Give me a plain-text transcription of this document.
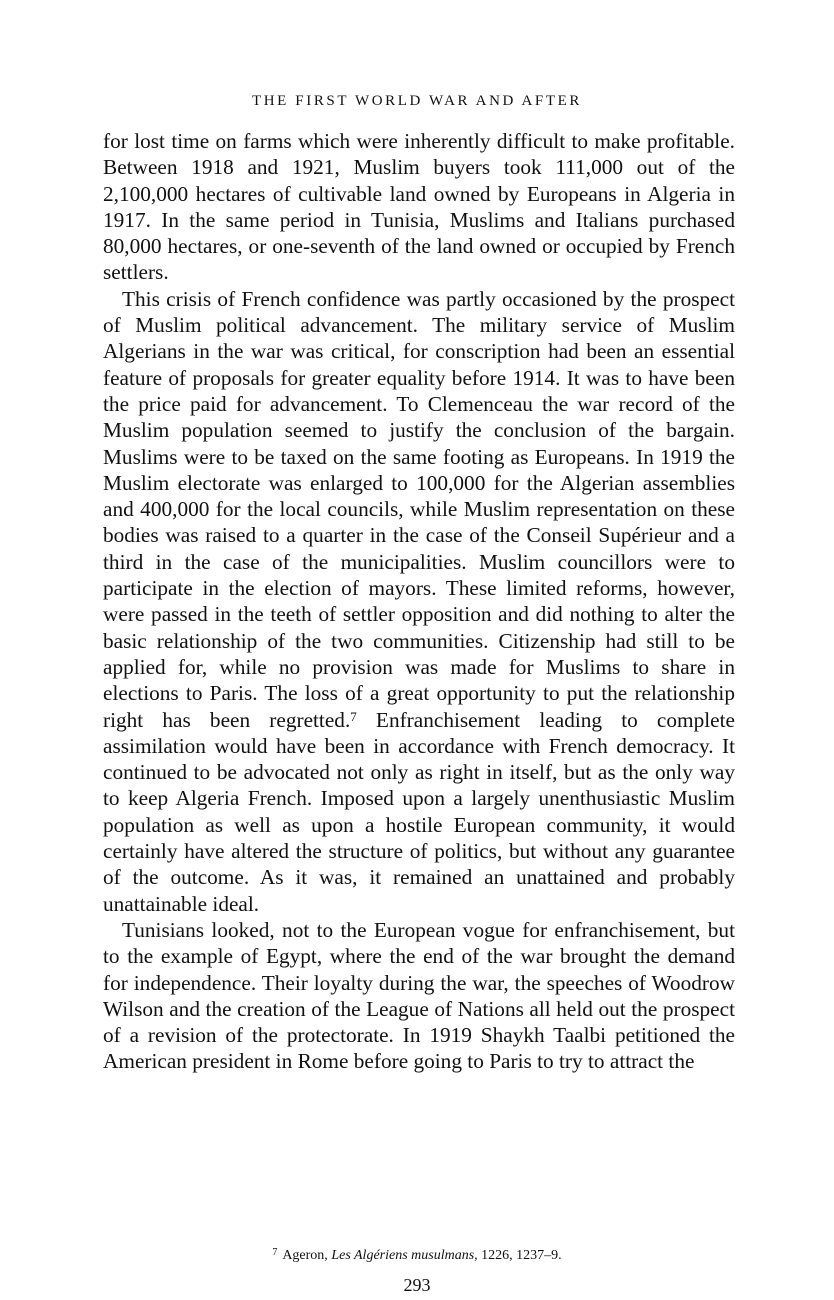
THE FIRST WORLD WAR AND AFTER

for lost time on farms which were inherently difficult to make profitable. Between 1918 and 1921, Muslim buyers took 111,000 out of the 2,100,000 hectares of cultivable land owned by Europeans in Algeria in 1917. In the same period in Tunisia, Muslims and Italians purchased 80,000 hectares, or one-seventh of the land owned or occupied by French settlers.

This crisis of French confidence was partly occasioned by the prospect of Muslim political advancement. The military service of Muslim Algerians in the war was critical, for conscription had been an essential feature of proposals for greater equality before 1914. It was to have been the price paid for advancement. To Clemenceau the war record of the Muslim population seemed to justify the conclusion of the bargain. Muslims were to be taxed on the same footing as Europeans. In 1919 the Muslim electorate was enlarged to 100,000 for the Algerian assemblies and 400,000 for the local councils, while Muslim representation on these bodies was raised to a quarter in the case of the Conseil Supérieur and a third in the case of the municipalities. Muslim councillors were to participate in the election of mayors. These limited reforms, however, were passed in the teeth of settler opposition and did nothing to alter the basic relationship of the two communities. Citizenship had still to be applied for, while no provision was made for Muslims to share in elections to Paris. The loss of a great opportunity to put the relationship right has been regretted.$^7$ Enfranchisement leading to complete assimilation would have been in accordance with French democracy. It continued to be advocated not only as right in itself, but as the only way to keep Algeria French. Imposed upon a largely unenthusiastic Muslim population as well as upon a hostile European community, it would certainly have altered the structure of politics, but without any guarantee of the outcome. As it was, it remained an unattained and probably unattainable ideal.

Tunisians looked, not to the European vogue for enfranchisement, but to the example of Egypt, where the end of the war brought the demand for independence. Their loyalty during the war, the speeches of Woodrow Wilson and the creation of the League of Nations all held out the prospect of a revision of the protectorate. In 1919 Shaykh Taalbi petitioned the American president in Rome before going to Paris to try to attract the

$^7$ Ageron, Les Algériens musulmans, 1226, 1237–9.
293
